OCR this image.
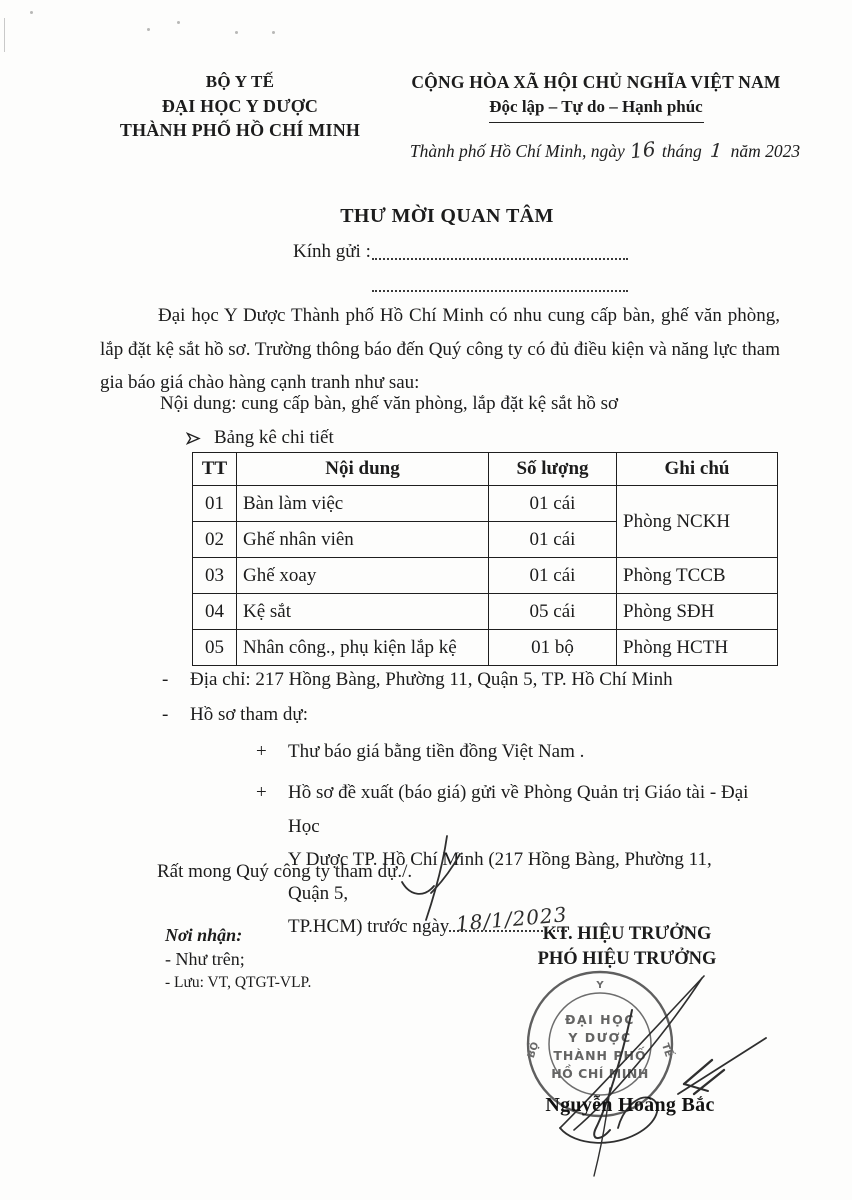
BỘ Y TẾ
ĐẠI HỌC Y DƯỢC
THÀNH PHỐ HỒ CHÍ MINH
CỘNG HÒA XÃ HỘI CHỦ NGHĨA VIỆT NAM
Độc lập – Tự do – Hạnh phúc
Thành phố Hồ Chí Minh, ngày 16 tháng 1 năm 2023
THƯ MỜI QUAN TÂM
Kính gửi :
Đại học Y Dược Thành phố Hồ Chí Minh có nhu cung cấp bàn, ghế văn phòng, lắp đặt kệ sắt hồ sơ. Trường thông báo đến Quý công ty có đủ điều kiện và năng lực tham gia báo giá chào hàng cạnh tranh như sau:
Nội dung: cung cấp bàn, ghế văn phòng, lắp đặt kệ sắt hồ sơ
Bảng kê chi tiết
TT	Nội dung	Số lượng	Ghi chú
01	Bàn làm việc	01 cái	Phòng NCKH
02	Ghế nhân viên	01 cái	
03	Ghế xoay	01 cái	Phòng TCCB
04	Kệ sắt	05 cái	Phòng SĐH
05	Nhân công., phụ kiện lắp kệ	01 bộ	Phòng HCTH
- Địa chỉ: 217 Hồng Bàng, Phường 11, Quận 5, TP. Hồ Chí Minh
- Hồ sơ tham dự:
+ Thư báo giá bằng tiền đồng Việt Nam .
+	Hồ sơ đề xuất (báo giá) gửi về Phòng Quản trị Giáo tài - Đại Học
Y Dược TP. Hồ Chí Minh (217 Hồng Bàng, Phường 11, Quận 5,
TP.HCM) trước ngày 18/1/2023
Rất mong Quý công ty tham dự./.
Nơi nhận:
- Như trên;
- Lưu: VT, QTGT-VLP.
KT. HIỆU TRƯỞNG
PHÓ HIỆU TRƯỞNG
Y
BỘ	TẾ
ĐẠI HỌC
Y DƯỢC
THÀNH PHỐ
HỒ CHÍ MINH
Nguyễn Hoàng Bắc
